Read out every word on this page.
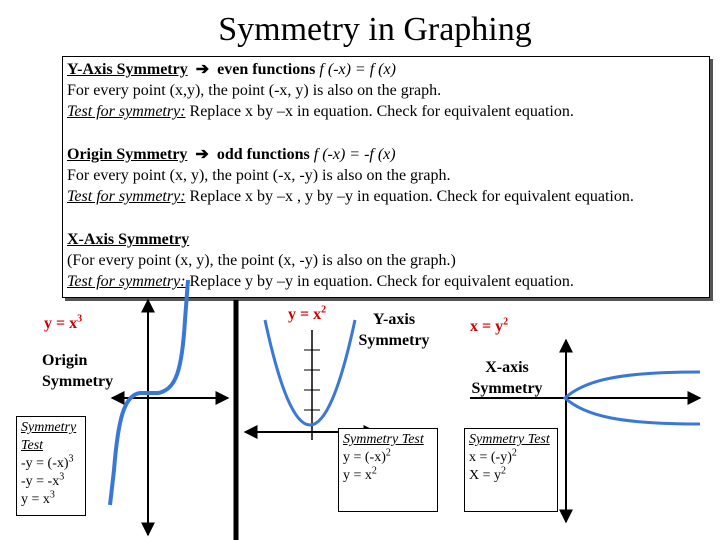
Symmetry in Graphing
Y-Axis Symmetry ➔ even functions f (-x) = f (x)
For every point (x,y), the point (-x, y) is also on the graph.
Test for symmetry: Replace x by –x in equation. Check for equivalent equation.
Origin Symmetry ➔ odd functions f (-x) = -f (x)
For every point (x, y), the point (-x, -y) is also on the graph.
Test for symmetry: Replace x by –x , y by –y in equation. Check for equivalent equation.
X-Axis Symmetry
(For every point (x, y), the point (x, -y) is also on the graph.)
Test for symmetry: Replace y by –y in equation. Check for equivalent equation.
$y = x^3$
Origin
Symmetry
Symmetry Test
$-y = (-x)^3$
$-y = -x^3$
$y = x^3$
$y = x^2$
Y-axis
Symmetry
Symmetry Test
$y = (-x)^2$
$y = x^2$
$x = y^2$
X-axis
Symmetry
Symmetry Test
$x = (-y)^2$
$X = y^2$
